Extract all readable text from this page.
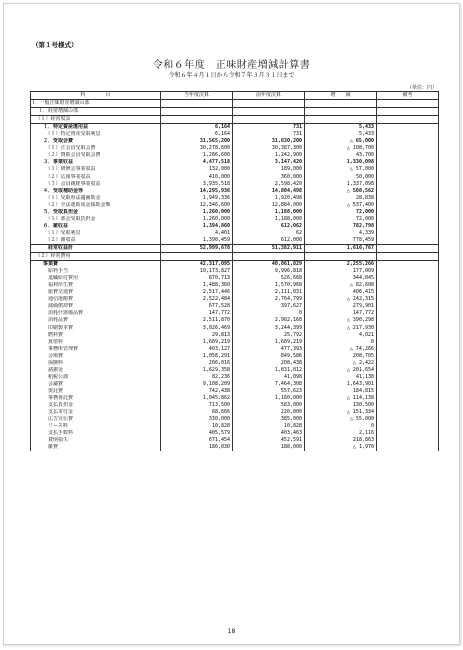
（第１号様式）
令和６年度　正味財産増減計算書
令和６年４月１日から令和７年３月３１日まで
（単位：円）
科　　　　目	当年度決算	前年度決算	増　　減	備考
Ⅰ．一般正味財産増減の部				
　１．経常増減の部				
　（１）経常収益				
　　１．特定資産運用益	6,164	731	5,433	
　　　（１）特定資産受取利息	6,164	731	5,433	
　　２．受取会費	31,565,200	31,630,200	△ 65,000	
　　　（１）正会員受取会費	30,278,600	30,387,300	△ 108,700	
　　　（２）賛助会員受取会費	1,286,600	1,242,900	43,700	
　　３．事業収益	4,477,518	3,147,420	1,330,098	
　　　（１）研修会事業収益	132,000	189,000	△ 57,000	
　　　（２）広報事業収益	410,000	360,000	50,000	
　　　（３）会員親睦事業収益	3,935,518	2,598,420	1,337,098	
　　４．受取補助金等	14,295,936	14,804,498	△ 508,562	
　　　（１）受取県法適補助金	1,949,336	1,920,498	28,838	
　　　（２）全法連助成金援助金額	12,346,600	12,884,000	△ 537,400	
　　５．受取負担金	1,260,000	1,188,000	72,000	
　　　（１）部会受取負担金	1,260,000	1,188,000	72,000	
　　６．雑収益	1,394,860	612,062	782,798	
　　　（１）受取利息	4,401	62	4,339	
　　　（２）雑収益	1,390,459	612,000	778,459	
　　　経常収益計	52,999,678	51,382,911	1,616,767	
　（２）経常費用				
　　事業費	42,317,095	40,061,829	2,255,266	
　　　給料手当	10,173,827	9,996,818	177,009	
　　　退職給付費用	870,713	526,668	344,045	
　　　福利厚生費	1,488,360	1,570,968	△ 82,608	
　　　旅費交通費	2,517,446	2,111,031	406,415	
　　　通信運搬費	2,522,484	2,764,799	△ 242,315	
　　　減価償却費	677,528	397,627	279,901	
　　　消耗什器備品費	147,772	0	147,772	
　　　消耗品費	2,511,870	2,902,168	△ 390,298	
　　　印刷製本費	3,026,469	3,244,399	△ 217,930	
　　　燃料費	29,813	25,792	4,021	
　　　賃借料	1,689,219	1,689,219	0	
　　　事務所管理費	403,127	477,393	△ 74,266	
　　　会場費	1,058,291	849,586	208,705	
　　　保険料	206,016	208,438	△ 2,422	
　　　諸謝金	1,629,358	1,831,012	△ 201,654	
　　　租税公課	82,236	41,098	41,138	
　　　会議費	9,108,209	7,464,308	1,643,901	
　　　委託費	742,438	557,623	184,815	
　　　事務委託費	1,045,862	1,160,000	△ 114,138	
　　　支払負担金	713,500	583,000	130,500	
　　　支払寄付金	68,666	220,000	△ 151,334	
　　　広告宣伝費	330,000	385,000	△ 55,000	
　　　リース料	10,828	10,828	0	
　　　支払手数料	405,579	403,463	2,116	
　　　貸倒損失	671,454	452,591	218,863	
　　　雑費	186,030	188,000	△ 1,970	
18
